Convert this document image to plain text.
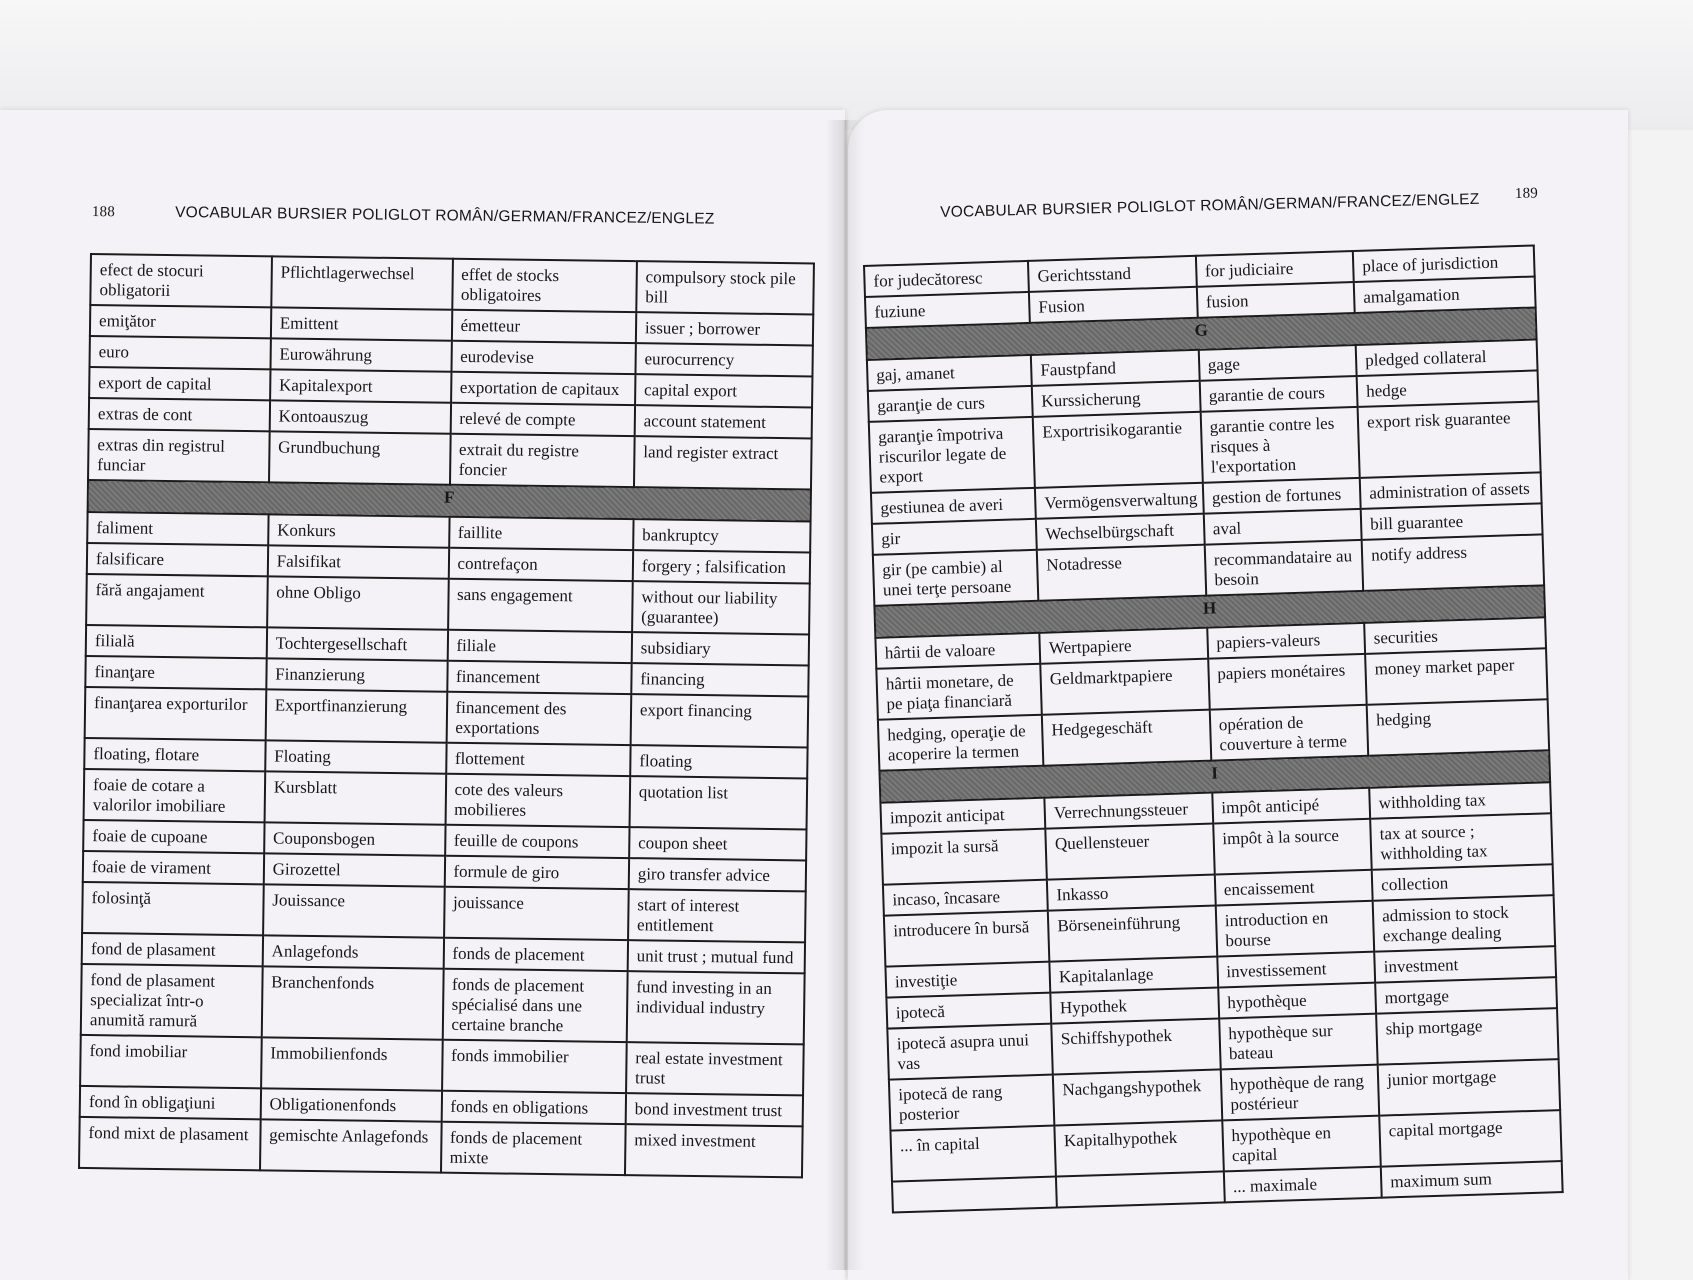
188	VOCABULAR BURSIER POLIGLOT ROMÂN/GERMAN/FRANCEZ/ENGLEZ	VOCABULAR BURSIER POLIGLOT ROMÂN/GERMAN/FRANCEZ/ENGLEZ 189
efect de stocuri obligatorii	Pflichtlagerwechsel	effet de stocks obligatoires	compulsory stock pile bill
emiţător	Emittent	émetteur	issuer ; borrower
euro	Eurowährung	eurodevise	eurocurrency
export de capital	Kapitalexport	exportation de capitaux	capital export
extras de cont	Kontoauszug	relevé de compte	account statement
extras din registrul funciar	Grundbuchung	extrait du registre foncier	land register extract
F			
faliment	Konkurs	faillite	bankruptcy
falsificare	Falsifikat	contrefaçon	forgery ; falsification
fără angajament	ohne Obligo	sans engagement	without our liability (guarantee)
filială	Tochtergesellschaft	filiale	subsidiary
finanţare	Finanzierung	financement	financing
finanţarea exporturilor	Exportfinanzierung	financement des exportations	export financing
floating, flotare	Floating	flottement	floating
foaie de cotare a valorilor imobiliare	Kursblatt	cote des valeurs mobilieres	quotation list
foaie de cupoane	Couponsbogen	feuille de coupons	coupon sheet
foaie de virament	Girozettel	formule de giro	giro transfer advice
folosinţă	Jouissance	jouissance	start of interest entitlement
fond de plasament	Anlagefonds	fonds de placement	unit trust ; mutual fund
fond de plasament specializat într-o anumită ramură	Branchenfonds	fonds de placement spécialisé dans une certaine branche	fund investing in an individual industry
fond imobiliar	Immobilienfonds	fonds immobilier	real estate investment trust
fond în obligaţiuni	Obligationenfonds	fonds en obligations	bond investment trust
fond mixt de plasament	gemischte Anlagefonds	fonds de placement mixte	mixed investment
for judecătoresc	Gerichtsstand	for judiciaire	place of jurisdiction
fuziune	Fusion	fusion	amalgamation
G			
gaj, amanet	Faustpfand	gage	pledged collateral
garanţie de curs	Kurssicherung	garantie de cours	hedge
garanţie împotriva riscurilor legate de export	Exportrisikogarantie	garantie contre les risques à l'exportation	export risk guarantee
gestiunea de averi	Vermögensverwaltung	gestion de fortunes	administration of assets
gir	Wechselbürgschaft	aval	bill guarantee
gir (pe cambie) al unei terţe persoane	Notadresse	recommandataire au besoin	notify address
H			
hârtii de valoare	Wertpapiere	papiers-valeurs	securities
hârtii monetare, de pe piaţa financiară	Geldmarktpapiere	papiers monétaires	money market paper
hedging, operaţie de acoperire la termen	Hedgegeschäft	opération de couverture à terme	hedging
I			
impozit anticipat	Verrechnungssteuer	impôt anticipé	withholding tax
impozit la sursă	Quellensteuer	impôt à la source	tax at source ; withholding tax
incaso, încasare	Inkasso	encaissement	collection
introducere în bursă	Börseneinführung	introduction en bourse	admission to stock exchange dealing
investiţie	Kapitalanlage	investissement	investment
ipotecă	Hypothek	hypothèque	mortgage
ipotecă asupra unui vas	Schiffshypothek	hypothèque sur bateau	ship mortgage
ipotecă de rang posterior	Nachgangshypothek	hypothèque de rang postérieur	junior mortgage
... în capital	Kapitalhypothek	hypothèque en capital	capital mortgage
		... maximale	maximum sum
